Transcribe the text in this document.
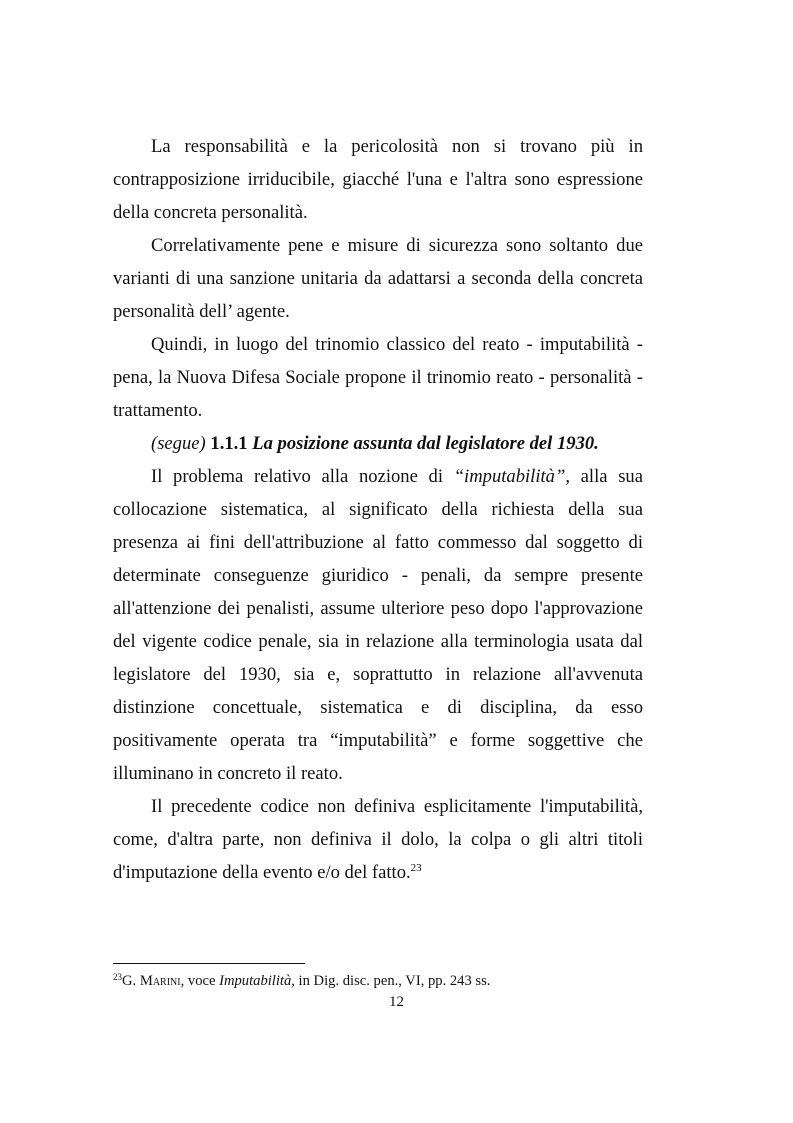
La responsabilità e la pericolosità non si trovano più in contrapposizione irriducibile, giacché l'una e l'altra sono espressione della concreta personalità.

Correlativamente pene e misure di sicurezza sono soltanto due varianti di una sanzione unitaria da adattarsi a seconda della concreta personalità dell’ agente.

Quindi, in luogo del trinomio classico del reato - imputabilità - pena, la Nuova Difesa Sociale propone il trinomio reato - personalità - trattamento.

(segue) 1.1.1 La posizione assunta dal legislatore del 1930.

Il problema relativo alla nozione di “imputabilità”, alla sua collocazione sistematica, al significato della richiesta della sua presenza ai fini dell'attribuzione al fatto commesso dal soggetto di determinate conseguenze giuridico - penali, da sempre presente all'attenzione dei penalisti, assume ulteriore peso dopo l'approvazione del vigente codice penale, sia in relazione alla terminologia usata dal legislatore del 1930, sia e, soprattutto in relazione all'avvenuta distinzione concettuale, sistematica e di disciplina, da esso positivamente operata tra “imputabilità” e forme soggettive che illuminano in concreto il reato.

Il precedente codice non definiva esplicitamente l'imputabilità, come, d'altra parte, non definiva il dolo, la colpa o gli altri titoli d'imputazione della evento e/o del fatto.$^{23}$

$^{23}$G. Marini, voce Imputabilità, in Dig. disc. pen., VI, pp. 243 ss.
12
